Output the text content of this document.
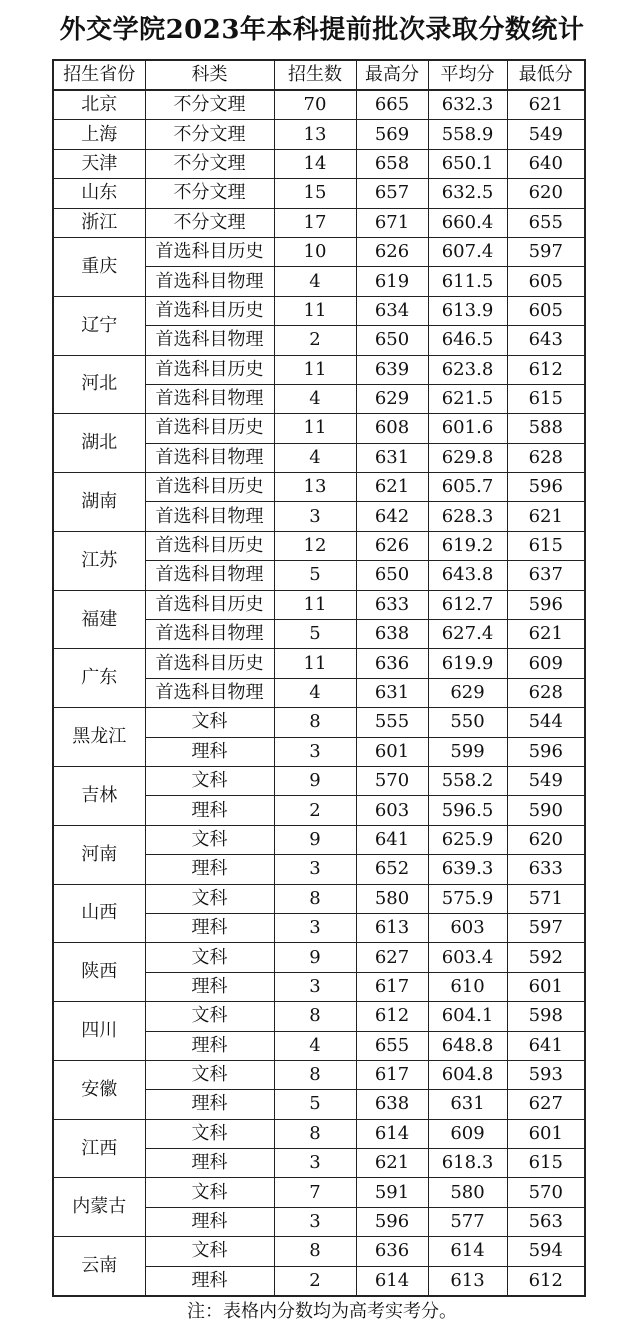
外交学院2023年本科提前批次录取分数统计
招生省份	科类	招生数	最高分	平均分	最低分
北京	不分文理	70	665	632.3	621
上海	不分文理	13	569	558.9	549
天津	不分文理	14	658	650.1	640
山东	不分文理	15	657	632.5	620
浙江	不分文理	17	671	660.4	655
重庆	首选科目历史	10	626	607.4	597
	首选科目物理	4	619	611.5	605
辽宁	首选科目历史	11	634	613.9	605
	首选科目物理	2	650	646.5	643
河北	首选科目历史	11	639	623.8	612
	首选科目物理	4	629	621.5	615
湖北	首选科目历史	11	608	601.6	588
	首选科目物理	4	631	629.8	628
湖南	首选科目历史	13	621	605.7	596
	首选科目物理	3	642	628.3	621
江苏	首选科目历史	12	626	619.2	615
	首选科目物理	5	650	643.8	637
福建	首选科目历史	11	633	612.7	596
	首选科目物理	5	638	627.4	621
广东	首选科目历史	11	636	619.9	609
	首选科目物理	4	631	629	628
黑龙江	文科	8	555	550	544
	理科	3	601	599	596
吉林	文科	9	570	558.2	549
	理科	2	603	596.5	590
河南	文科	9	641	625.9	620
	理科	3	652	639.3	633
山西	文科	8	580	575.9	571
	理科	3	613	603	597
陕西	文科	9	627	603.4	592
	理科	3	617	610	601
四川	文科	8	612	604.1	598
	理科	4	655	648.8	641
安徽	文科	8	617	604.8	593
	理科	5	638	631	627
江西	文科	8	614	609	601
	理科	3	621	618.3	615
内蒙古	文科	7	591	580	570
	理科	3	596	577	563
云南	文科	8	636	614	594
	理科	2	614	613	612
注：表格内分数均为高考实考分。
